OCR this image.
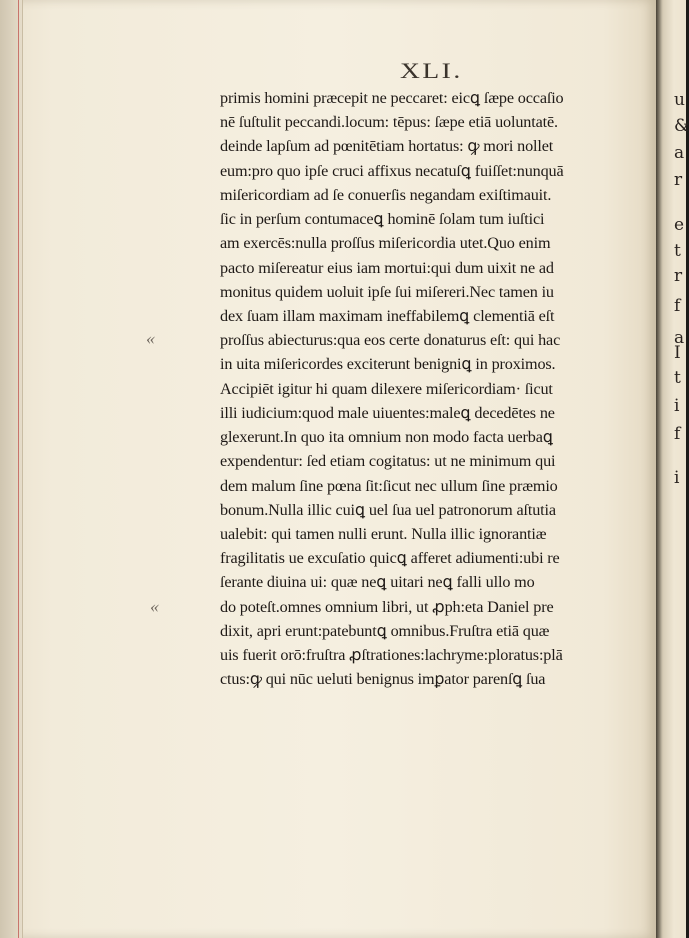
XLI.
primis homini præcepit ne peccaret: eicꝗ ſæpe occaſio
nē ſuſtulit peccandi.locum: tēpus: ſæpe etiā uoluntatē.
deinde lapſum ad pœnitētiam hortatus: ꝙ mori nollet
eum:pro quo ipſe cruci affixus necatuſꝗ fuiſſet:nunquā
miſericordiam ad ſe conuerſis negandam exiſtimauit.
ſic in perſum contumaceꝗ hominē ſolam tum iuſtici
am exercēs:nulla proſſus miſericordia utet.Quo enim
pacto miſereatur eius iam mortui:qui dum uixit ne ad
monitus quidem uoluit ipſe ſui miſereri.Nec tamen iu
dex ſuam illam maximam ineffabilemꝗ clementiā eſt
proſſus abiecturus:qua eos certe donaturus eſt: qui hac
in uita miſericordes exciterunt benigniꝗ in proximos.
Accipiēt igitur hi quam dilexere miſericordiam· ſicut
illi iudicium:quod male uiuentes:maleꝗ decedētes ne
glexerunt.In quo ita omnium non modo facta uerbaꝗ
expendentur: ſed etiam cogitatus: ut ne minimum qui
dem malum ſine pœna ſit:ſicut nec ullum ſine præmio
bonum.Nulla illic cuiꝗ uel ſua uel patronorum aſtutia
ualebit: qui tamen nulli erunt. Nulla illic ignorantiæ
fragilitatis ue excuſatio quicꝗ afferet adiumenti:ubi re
ſerante diuina ui: quæ neꝗ uitari neꝗ falli ullo mo
do poteſt.omnes omnium libri, ut ꝓph:eta Daniel pre
dixit, apri erunt:patebuntꝗ omnibus.Fruſtra etiā quæ
uis fuerit orō:fruſtra ꝓſtrationes:lachryme:ploratus:plā
ctus:ꝙ qui nūc ueluti benignus imꝑator parenſꝗ ſua
«
«
u
&
a
r
e
t
r
f
a
I
t
i
f
i
